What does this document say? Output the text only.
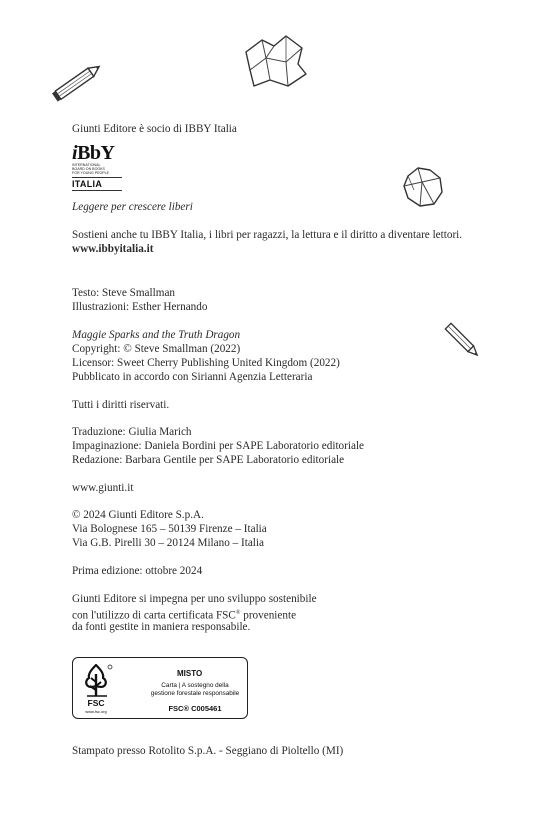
Giunti Editore è socio di IBBY Italia
iBbY
INTERNATIONAL
BOARD ON BOOKS
FOR YOUNG PEOPLE
ITALIA
Leggere per crescere liberi
Sostieni anche tu IBBY Italia, i libri per ragazzi, la lettura e il diritto a diventare lettori.
www.ibbyitalia.it
Testo: Steve Smallman
Illustrazioni: Esther Hernando
Maggie Sparks and the Truth Dragon
Copyright: © Steve Smallman (2022)
Licensor: Sweet Cherry Publishing United Kingdom (2022)
Pubblicato in accordo con Sirianni Agenzia Letteraria
Tutti i diritti riservati.
Traduzione: Giulia Marich
Impaginazione: Daniela Bordini per SAPE Laboratorio editoriale
Redazione: Barbara Gentile per SAPE Laboratorio editoriale
www.giunti.it
© 2024 Giunti Editore S.p.A.
Via Bolognese 165 – 50139 Firenze – Italia
Via G.B. Pirelli 30 – 20124 Milano – Italia
Prima edizione: ottobre 2024
Giunti Editore si impegna per uno sviluppo sostenibile
con l'utilizzo di carta certificata FSC® proveniente
da fonti gestite in maniera responsabile.
FSC
www.fsc.org
MISTO
Carta | A sostegno della
gestione forestale responsabile
FSC® C005461
Stampato presso Rotolito S.p.A. - Seggiano di Pioltello (MI)
